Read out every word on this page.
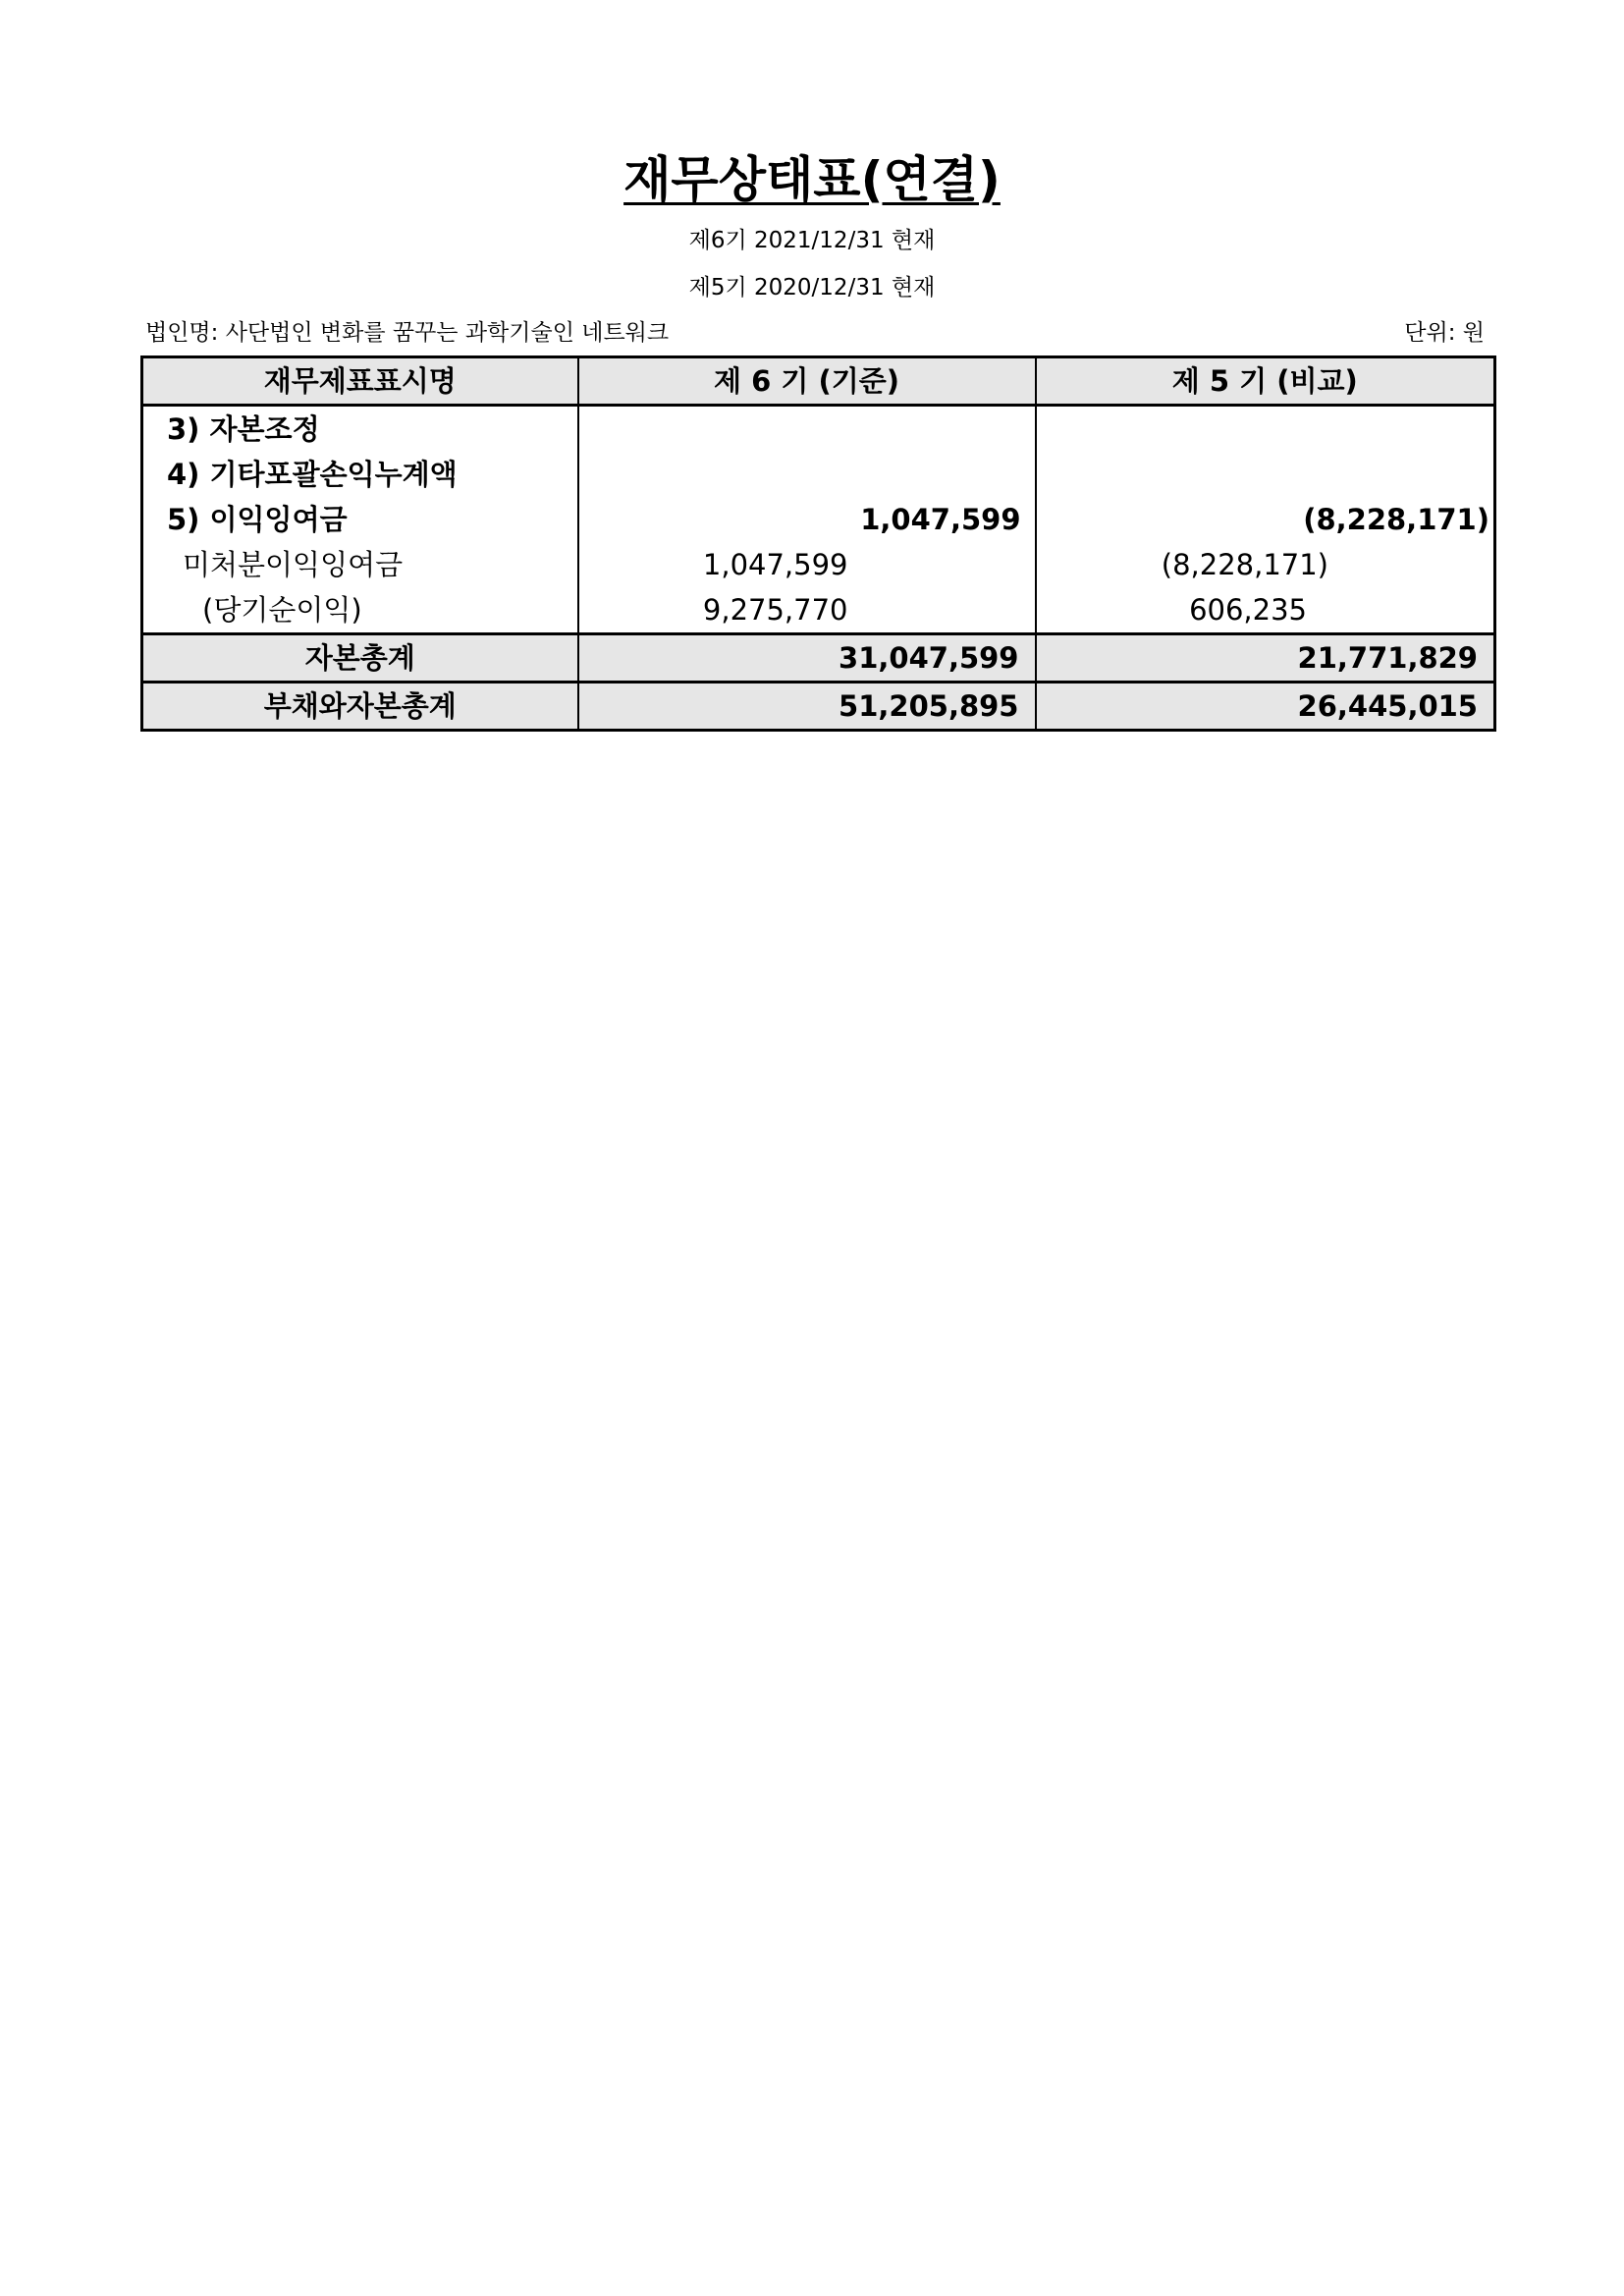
재무상태표(연결)
제6기 2021/12/31 현재
제5기 2020/12/31 현재
법인명: 사단법인 변화를 꿈꾸는 과학기술인 네트워크	단위: 원
재무제표표시명	제 6 기 (기준)	제 5 기 (비교)
3) 자본조정		
4) 기타포괄손익누계액		
5) 이익잉여금	1,047,599	(8,228,171)
미처분이익잉여금	1,047,599	(8,228,171)
(당기순이익)	9,275,770	606,235
자본총계	31,047,599	21,771,829
부채와자본총계	51,205,895	26,445,015
